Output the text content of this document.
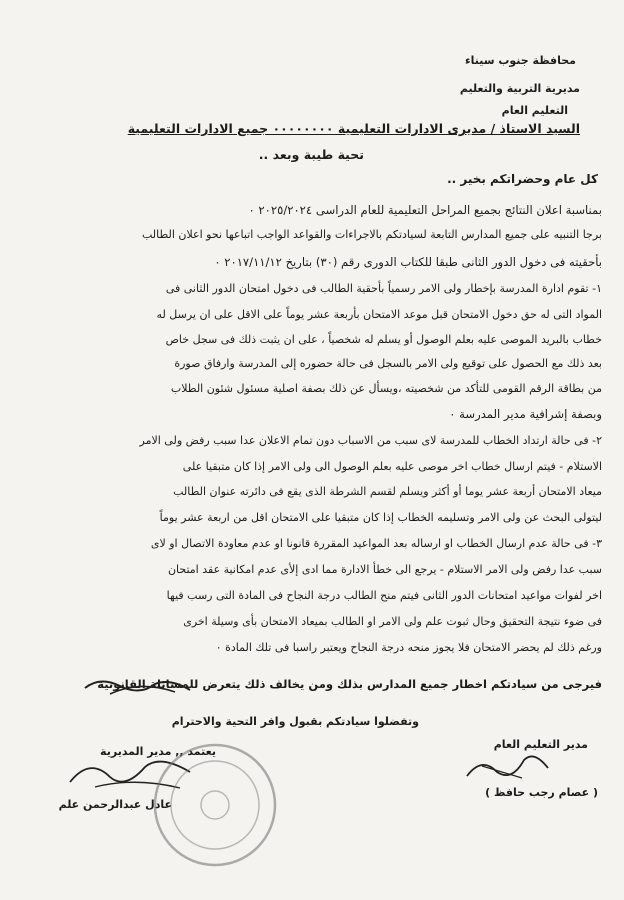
محافظة جنوب سيناء
مديرية التربية والتعليم
التعليم العام
السيد الاستاذ / مديرى الادارات التعليمية ٠٠٠٠٠٠٠٠ جميع الادارات التعليمية
تحية طيبة وبعد ..
كل عام وحضراتكم بخير ..
بمناسبة اعلان النتائج بجميع المراحل التعليمية للعام الدراسى ٢٠٢٥/٢٠٢٤ ٠
برجا التنبيه على جميع المدارس التابعة لسيادتكم بالاجراءات والقواعد الواجب اتباعها نحو اعلان الطالب
بأحقيته فى دخول الدور الثانى طبقا للكتاب الدورى رقم (٣٠) بتاريخ ٢٠١٧/١١/١٢ ٠
١- تقوم ادارة المدرسة بإخطار ولى الامر رسمياً بأحقية الطالب فى دخول امتحان الدور الثانى فى
المواد التى له حق دخول الامتحان قبل موعد الامتحان بأربعة عشر يوماً على الاقل على ان يرسل له
خطاب بالبريد الموصى عليه بعلم الوصول أو يسلم له شخصياً ، على ان يثبت ذلك فى سجل خاص
بعد ذلك مع الحصول على توقيع ولى الامر بالسجل فى حالة حضوره إلى المدرسة وارفاق صورة
من بطاقة الرقم القومى للتأكد من شخصيته ،ويسأل عن ذلك بصفة اصلية مسئول شئون الطلاب
وبصفة إشرافية مدير المدرسة ٠
٢- فى حالة ارتداد الخطاب للمدرسة لاى سبب من الاسباب دون تمام الاعلان عدا سبب رفض ولى الامر
الاستلام - فيتم ارسال خطاب اخر موصى عليه بعلم الوصول الى ولى الامر إذا كان متبقيا على
ميعاد الامتحان أربعة عشر يوما أو أكثر ويسلم لقسم الشرطة الذى يقع فى دائرته عنوان الطالب
ليتولى البحث عن ولى الامر وتسليمه الخطاب إذا كان متبقيا على الامتحان اقل من اربعة عشر يوماً
٣- فى حالة عدم ارسال الخطاب او ارساله بعد المواعيد المقررة قانونا او عدم معاودة الاتصال او لاى
سبب عدا رفض ولى الامر الاستلام - يرجع الى خطأ الادارة مما ادى إلأى عدم امكانية عقد امتحان
اخر لفوات مواعيد امتحانات الدور الثانى فيتم منح الطالب درجة النجاح فى المادة التى رسب فيها
فى ضوء نتيجة التحقيق وحال ثبوت علم ولى الامر او الطالب بميعاد الامتحان بأى وسيلة اخرى
ورغم ذلك لم يحضر الامتحان فلا يجوز منحه درجة النجاح ويعتبر راسبا فى تلك المادة ٠
فيرجى من سيادتكم اخطار جميع المدارس بذلك ومن يخالف ذلك يتعرض للمسائلة القانونية
وتفضلوا سيادتكم بقبول وافر التحية والاحترام
مدير التعليم العام
( عصام رجب حافظ )
يعتمد ,, مدير المديرية
عادل عبدالرحمن علم
